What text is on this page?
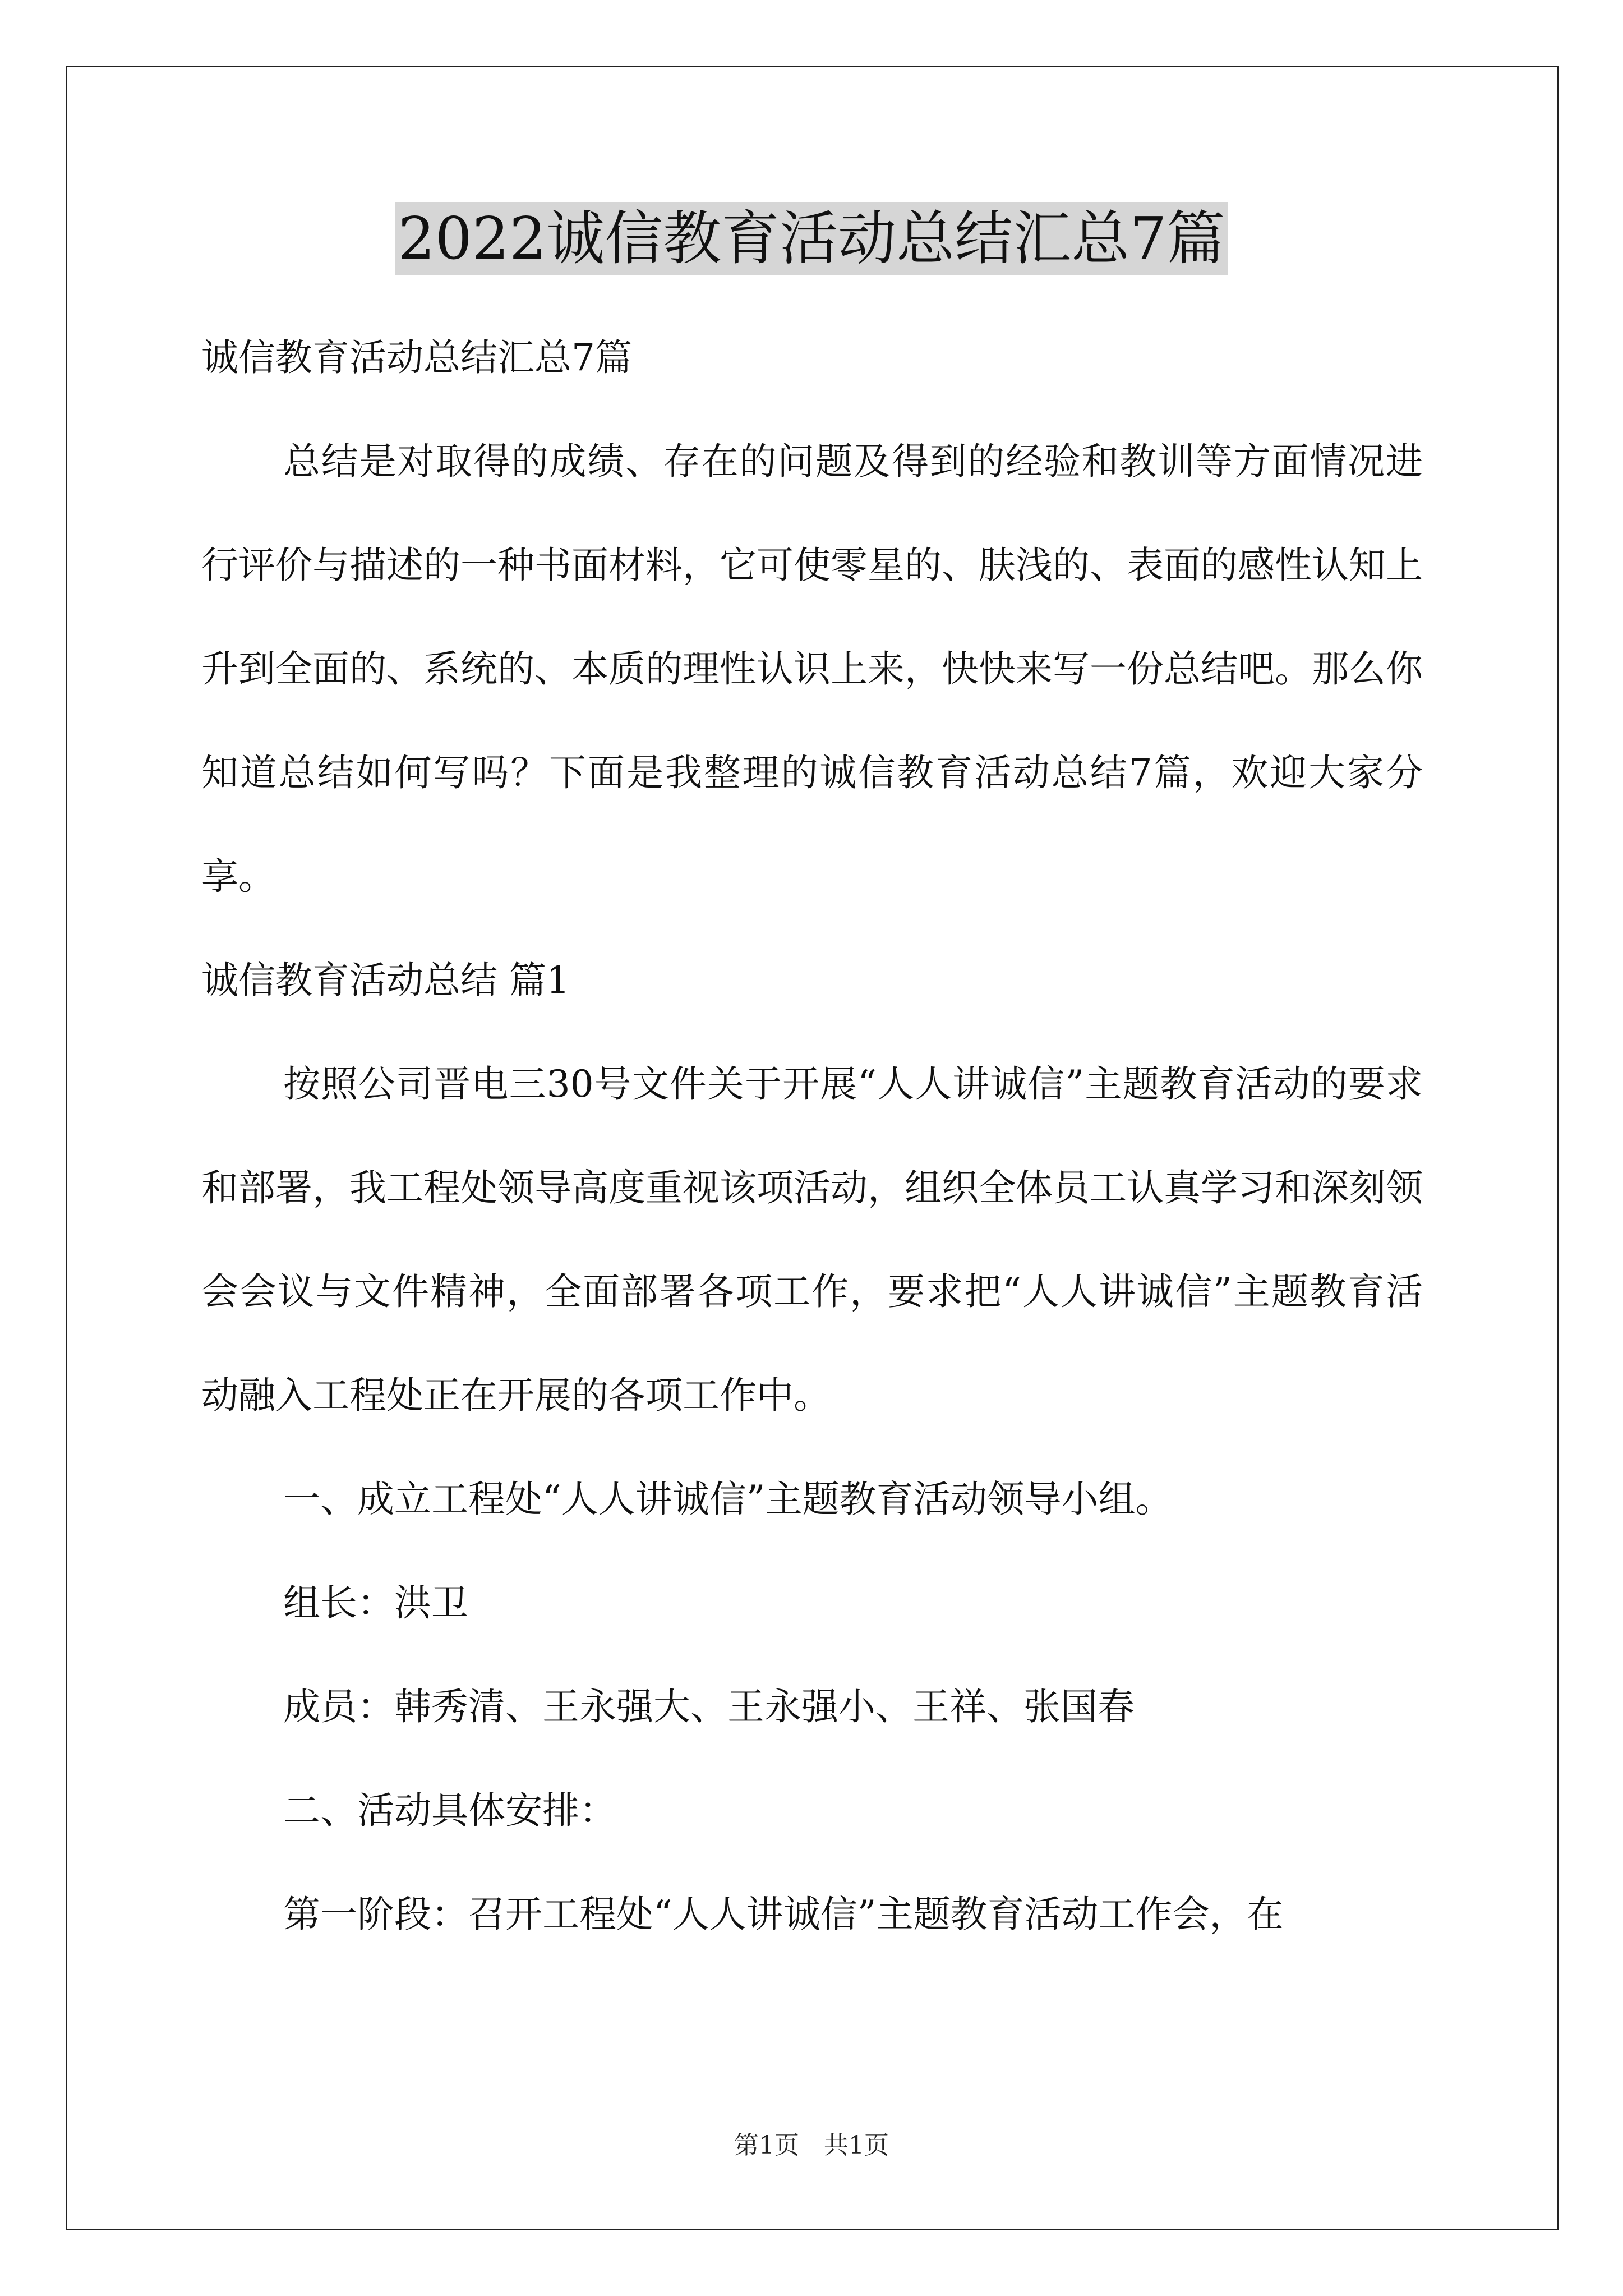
2022诚信教育活动总结汇总7篇

诚信教育活动总结汇总7篇

总结是对取得的成绩、存在的问题及得到的经验和教训等方面情况进行评价与描述的一种书面材料，它可使零星的、肤浅的、表面的感性认知上升到全面的、系统的、本质的理性认识上来，快快来写一份总结吧。那么你知道总结如何写吗？下面是我整理的诚信教育活动总结7篇，欢迎大家分享。

诚信教育活动总结 篇1

按照公司晋电三30号文件关于开展“人人讲诚信”主题教育活动的要求和部署，我工程处领导高度重视该项活动，组织全体员工认真学习和深刻领会会议与文件精神，全面部署各项工作，要求把“人人讲诚信”主题教育活动融入工程处正在开展的各项工作中。

一、成立工程处“人人讲诚信”主题教育活动领导小组。

组长：洪卫

成员：韩秀清、王永强大、王永强小、王祥、张国春

二、活动具体安排：

第一阶段：召开工程处“人人讲诚信”主题教育活动工作会，在

第1页　共1页
